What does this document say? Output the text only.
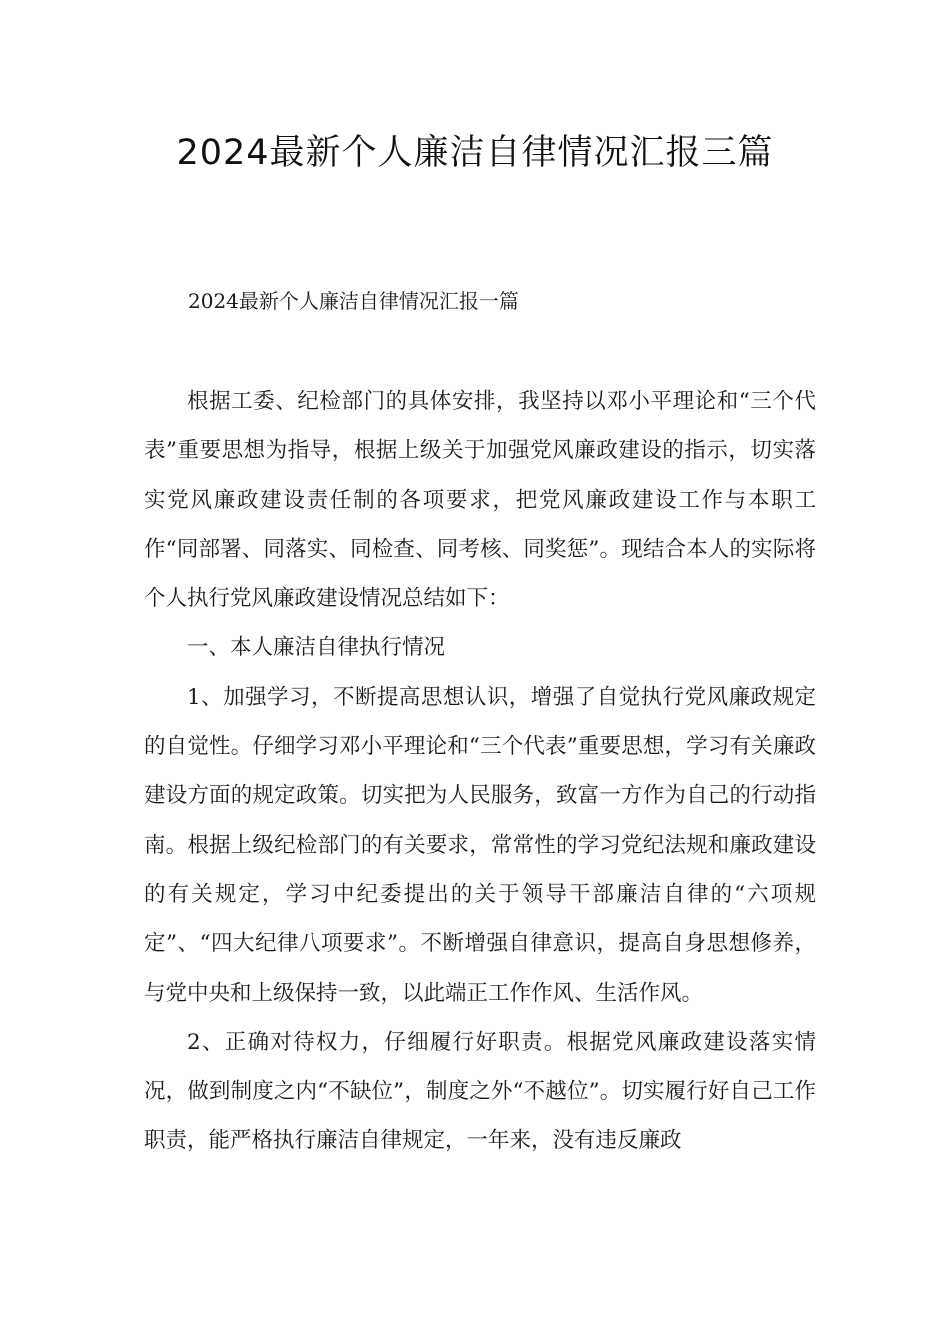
2024最新个人廉洁自律情况汇报三篇

2024最新个人廉洁自律情况汇报一篇

根据工委、纪检部门的具体安排，我坚持以邓小平理论和“三个代表”重要思想为指导，根据上级关于加强党风廉政建设的指示，切实落实党风廉政建设责任制的各项要求，把党风廉政建设工作与本职工作“同部署、同落实、同检查、同考核、同奖惩”。现结合本人的实际将个人执行党风廉政建设情况总结如下：

一、本人廉洁自律执行情况

1、加强学习，不断提高思想认识，增强了自觉执行党风廉政规定的自觉性。仔细学习邓小平理论和“三个代表”重要思想，学习有关廉政建设方面的规定政策。切实把为人民服务，致富一方作为自己的行动指南。根据上级纪检部门的有关要求，常常性的学习党纪法规和廉政建设的有关规定，学习中纪委提出的关于领导干部廉洁自律的“六项规定”、“四大纪律八项要求”。不断增强自律意识，提高自身思想修养，与党中央和上级保持一致，以此端正工作作风、生活作风。

2、正确对待权力，仔细履行好职责。根据党风廉政建设落实情况，做到制度之内“不缺位”，制度之外“不越位”。切实履行好自己工作职责，能严格执行廉洁自律规定，一年来，没有违反廉政
